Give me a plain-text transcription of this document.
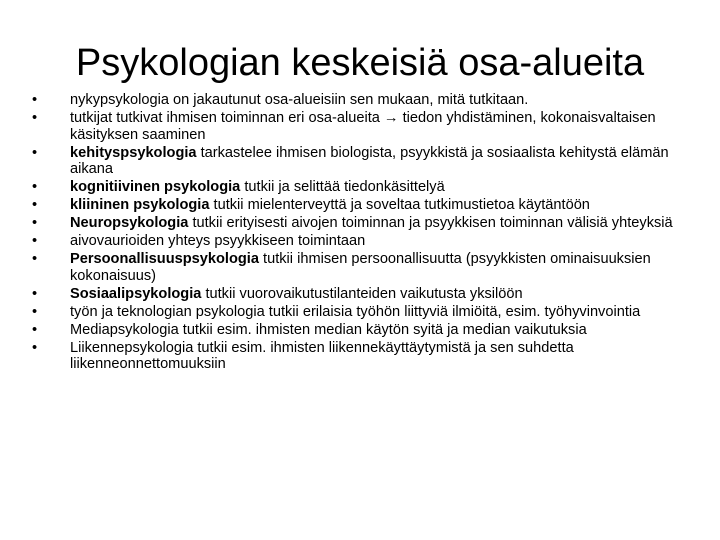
Psykologian keskeisiä osa-alueita
•	nykypsykologia on jakautunut osa-alueisiin sen mukaan, mitä tutkitaan.
•	tutkijat tutkivat ihmisen toiminnan eri osa-alueita → tiedon yhdistäminen, kokonaisvaltaisen käsityksen saaminen
•	kehityspsykologia tarkastelee ihmisen biologista, psyykkistä ja sosiaalista kehitystä elämän aikana
•	kognitiivinen psykologia tutkii ja selittää tiedonkäsittelyä
•	kliininen psykologia tutkii mielenterveyttä ja soveltaa tutkimustietoa käytäntöön
•	Neuropsykologia tutkii erityisesti aivojen toiminnan ja psyykkisen toiminnan välisiä yhteyksiä
•	aivovaurioiden yhteys psyykkiseen toimintaan
•	Persoonallisuuspsykologia tutkii ihmisen persoonallisuutta (psyykkisten ominaisuuksien kokonaisuus)
•	Sosiaalipsykologia tutkii vuorovaikutustilanteiden vaikutusta yksilöön
•	työn ja teknologian psykologia tutkii erilaisia työhön liittyviä ilmiöitä, esim. työhyvinvointia
•	Mediapsykologia tutkii esim. ihmisten median käytön syitä ja median vaikutuksia
•	Liikennepsykologia tutkii esim. ihmisten liikennekäyttäytymistä ja sen suhdetta liikenneonnettomuuksiin
